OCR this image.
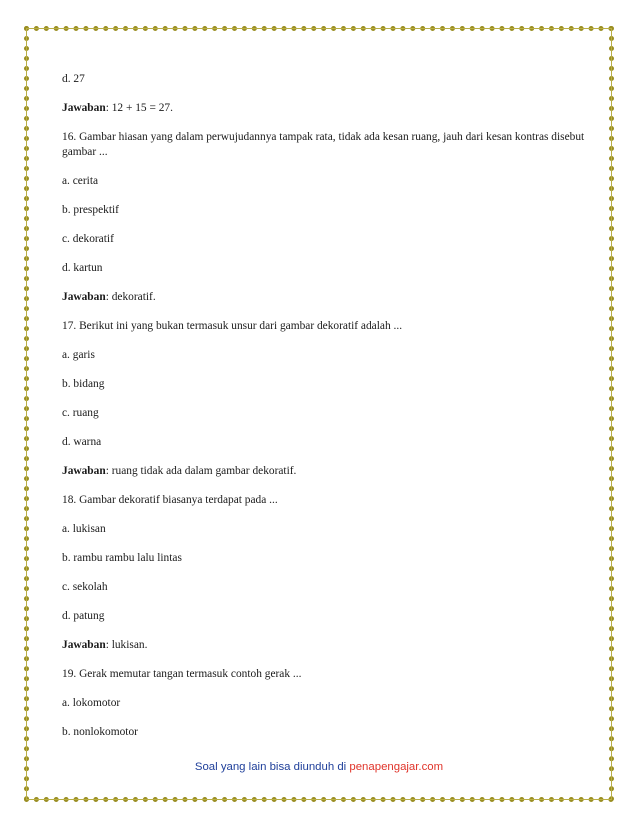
d. 27
Jawaban: 12 + 15 = 27.
16. Gambar hiasan yang dalam perwujudannya tampak rata, tidak ada kesan ruang, jauh dari kesan kontras disebut gambar ...
a. cerita
b. prespektif
c. dekoratif
d. kartun
Jawaban: dekoratif.
17. Berikut ini yang bukan termasuk unsur dari gambar dekoratif adalah ...
a. garis
b. bidang
c. ruang
d. warna
Jawaban: ruang tidak ada dalam gambar dekoratif.
18. Gambar dekoratif biasanya terdapat pada ...
a. lukisan
b. rambu rambu lalu lintas
c. sekolah
d. patung
Jawaban: lukisan.
19. Gerak memutar tangan termasuk contoh gerak ...
a. lokomotor
b. nonlokomotor
Soal yang lain bisa diunduh di penapengajar.com
